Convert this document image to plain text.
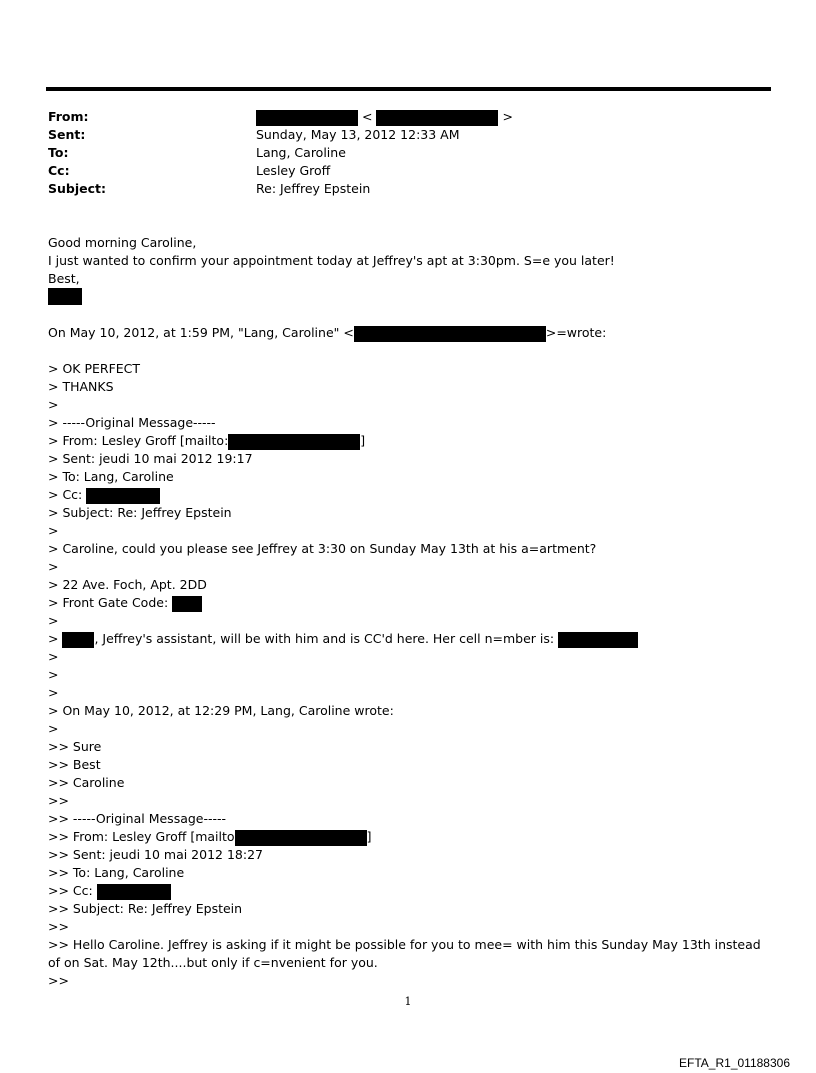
From:	<	>
Sent:	Sunday, May 13, 2012 12:33 AM
To:	Lang, Caroline
Cc:	Lesley Groff
Subject:	Re: Jeffrey Epstein
Good morning Caroline,
I just wanted to confirm your appointment today at Jeffrey's apt at 3:30pm. S=e you later!
Best,
On May 10, 2012, at 1:59 PM, "Lang, Caroline" <	>=wrote:
> OK PERFECT
> THANKS
>
> -----Original Message-----
> From: Lesley Groff [mailto:	]
> Sent: jeudi 10 mai 2012 19:17
> To: Lang, Caroline
> Cc:
> Subject: Re: Jeffrey Epstein
>
> Caroline, could you please see Jeffrey at 3:30 on Sunday May 13th at his a=artment?
>
> 22 Ave. Foch, Apt. 2DD
> Front Gate Code:
>
>	, Jeffrey's assistant, will be with him and is CC'd here. Her cell n=mber is:
>
>
>
> On May 10, 2012, at 12:29 PM, Lang, Caroline wrote:
>
>> Sure
>> Best
>> Caroline
>>
>> -----Original Message-----
>> From: Lesley Groff [mailto	]
>> Sent: jeudi 10 mai 2012 18:27
>> To: Lang, Caroline
>> Cc:
>> Subject: Re: Jeffrey Epstein
>>
>> Hello Caroline. Jeffrey is asking if it might be possible for you to mee= with him this Sunday May 13th instead of on Sat. May 12th....but only if c=nvenient for you.
>>
1
EFTA_R1_01188306
